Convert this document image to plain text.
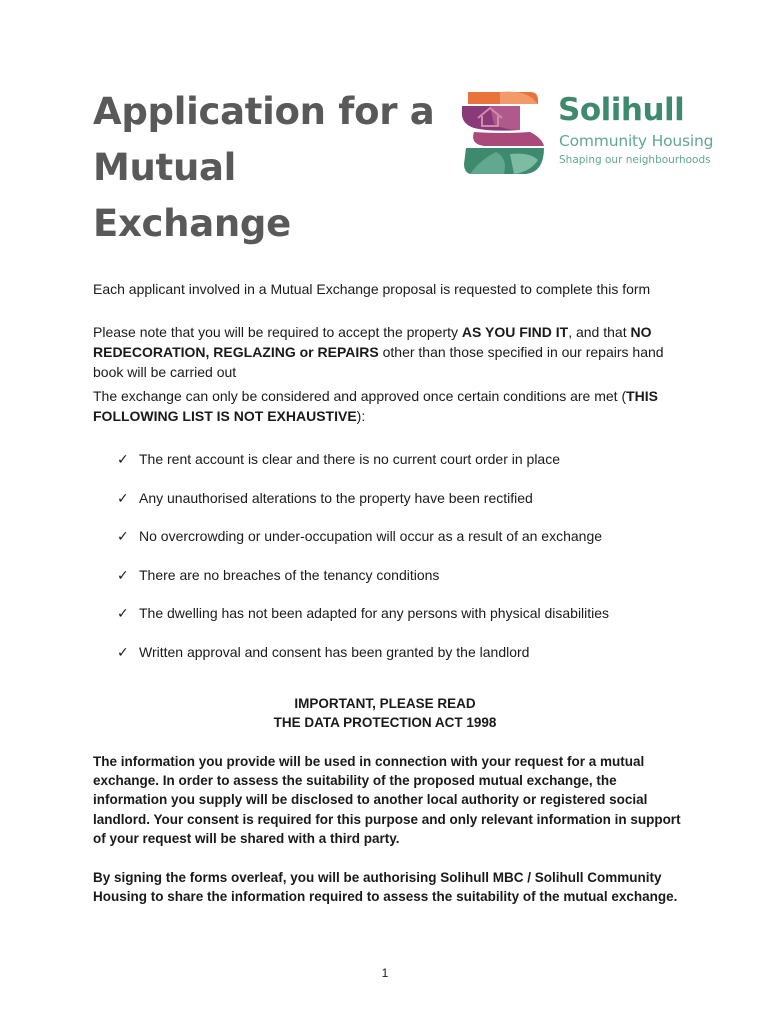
Application for a
Mutual
Exchange
Solihull
Community Housing
Shaping our neighbourhoods

Each applicant involved in a Mutual Exchange proposal is requested to complete this form

Please note that you will be required to accept the property AS YOU FIND IT, and that NO REDECORATION, REGLAZING or REPAIRS other than those specified in our repairs hand book will be carried out

The exchange can only be considered and approved once certain conditions are met (THIS FOLLOWING LIST IS NOT EXHAUSTIVE):

✓ The rent account is clear and there is no current court order in place
✓ Any unauthorised alterations to the property have been rectified
✓ No overcrowding or under-occupation will occur as a result of an exchange
✓ There are no breaches of the tenancy conditions
✓ The dwelling has not been adapted for any persons with physical disabilities
✓ Written approval and consent has been granted by the landlord
IMPORTANT, PLEASE READ
THE DATA PROTECTION ACT 1998

The information you provide will be used in connection with your request for a mutual exchange. In order to assess the suitability of the proposed mutual exchange, the information you supply will be disclosed to another local authority or registered social landlord. Your consent is required for this purpose and only relevant information in support of your request will be shared with a third party.

By signing the forms overleaf, you will be authorising Solihull MBC / Solihull Community Housing to share the information required to assess the suitability of the mutual exchange.

1
